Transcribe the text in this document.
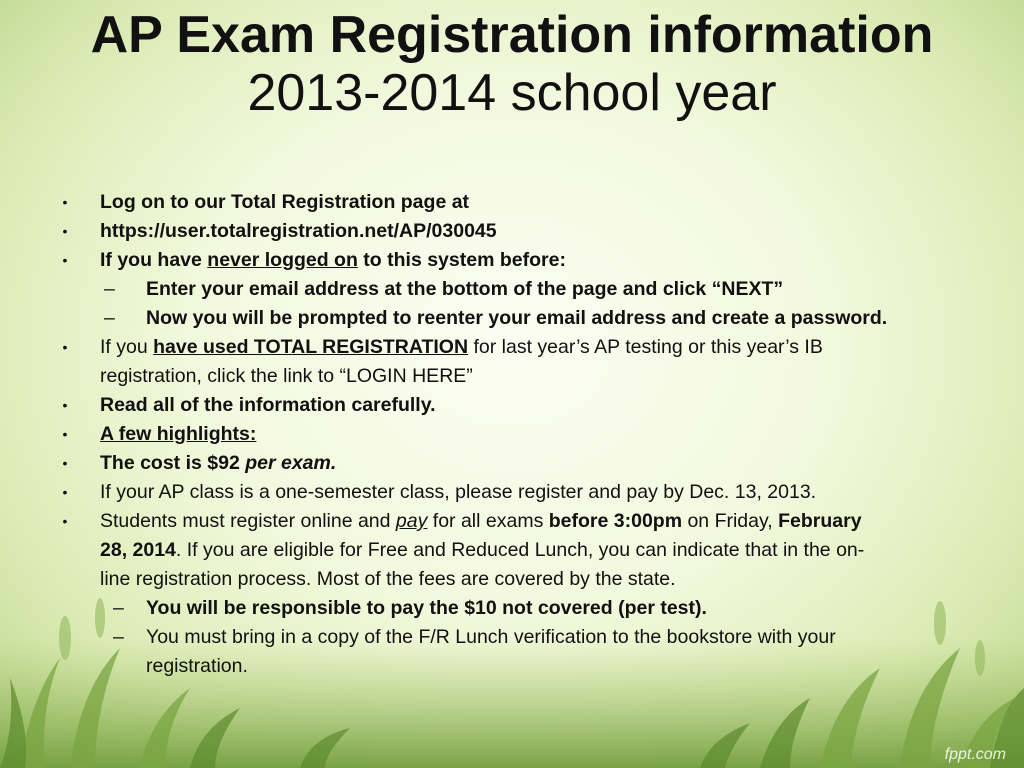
AP Exam Registration information
2013-2014 school year
• Log on to our Total Registration page at
• https://user.totalregistration.net/AP/030045
• If you have never logged on to this system before:
– Enter your email address at the bottom of the page and click “NEXT”
– Now you will be prompted to reenter your email address and create a password.
• If you have used TOTAL REGISTRATION for last year’s AP testing or this year’s IB
registration, click the link to “LOGIN HERE”
• Read all of the information carefully.
• A few highlights:
• The cost is $92 per exam.
• If your AP class is a one-semester class, please register and pay by Dec. 13, 2013.
• Students must register online and pay for all exams before 3:00pm on Friday, February
28, 2014. If you are eligible for Free and Reduced Lunch, you can indicate that in the on-
line registration process. Most of the fees are covered by the state.
– You will be responsible to pay the $10 not covered (per test).
– You must bring in a copy of the F/R Lunch verification to the bookstore with your
registration.
fppt.com
